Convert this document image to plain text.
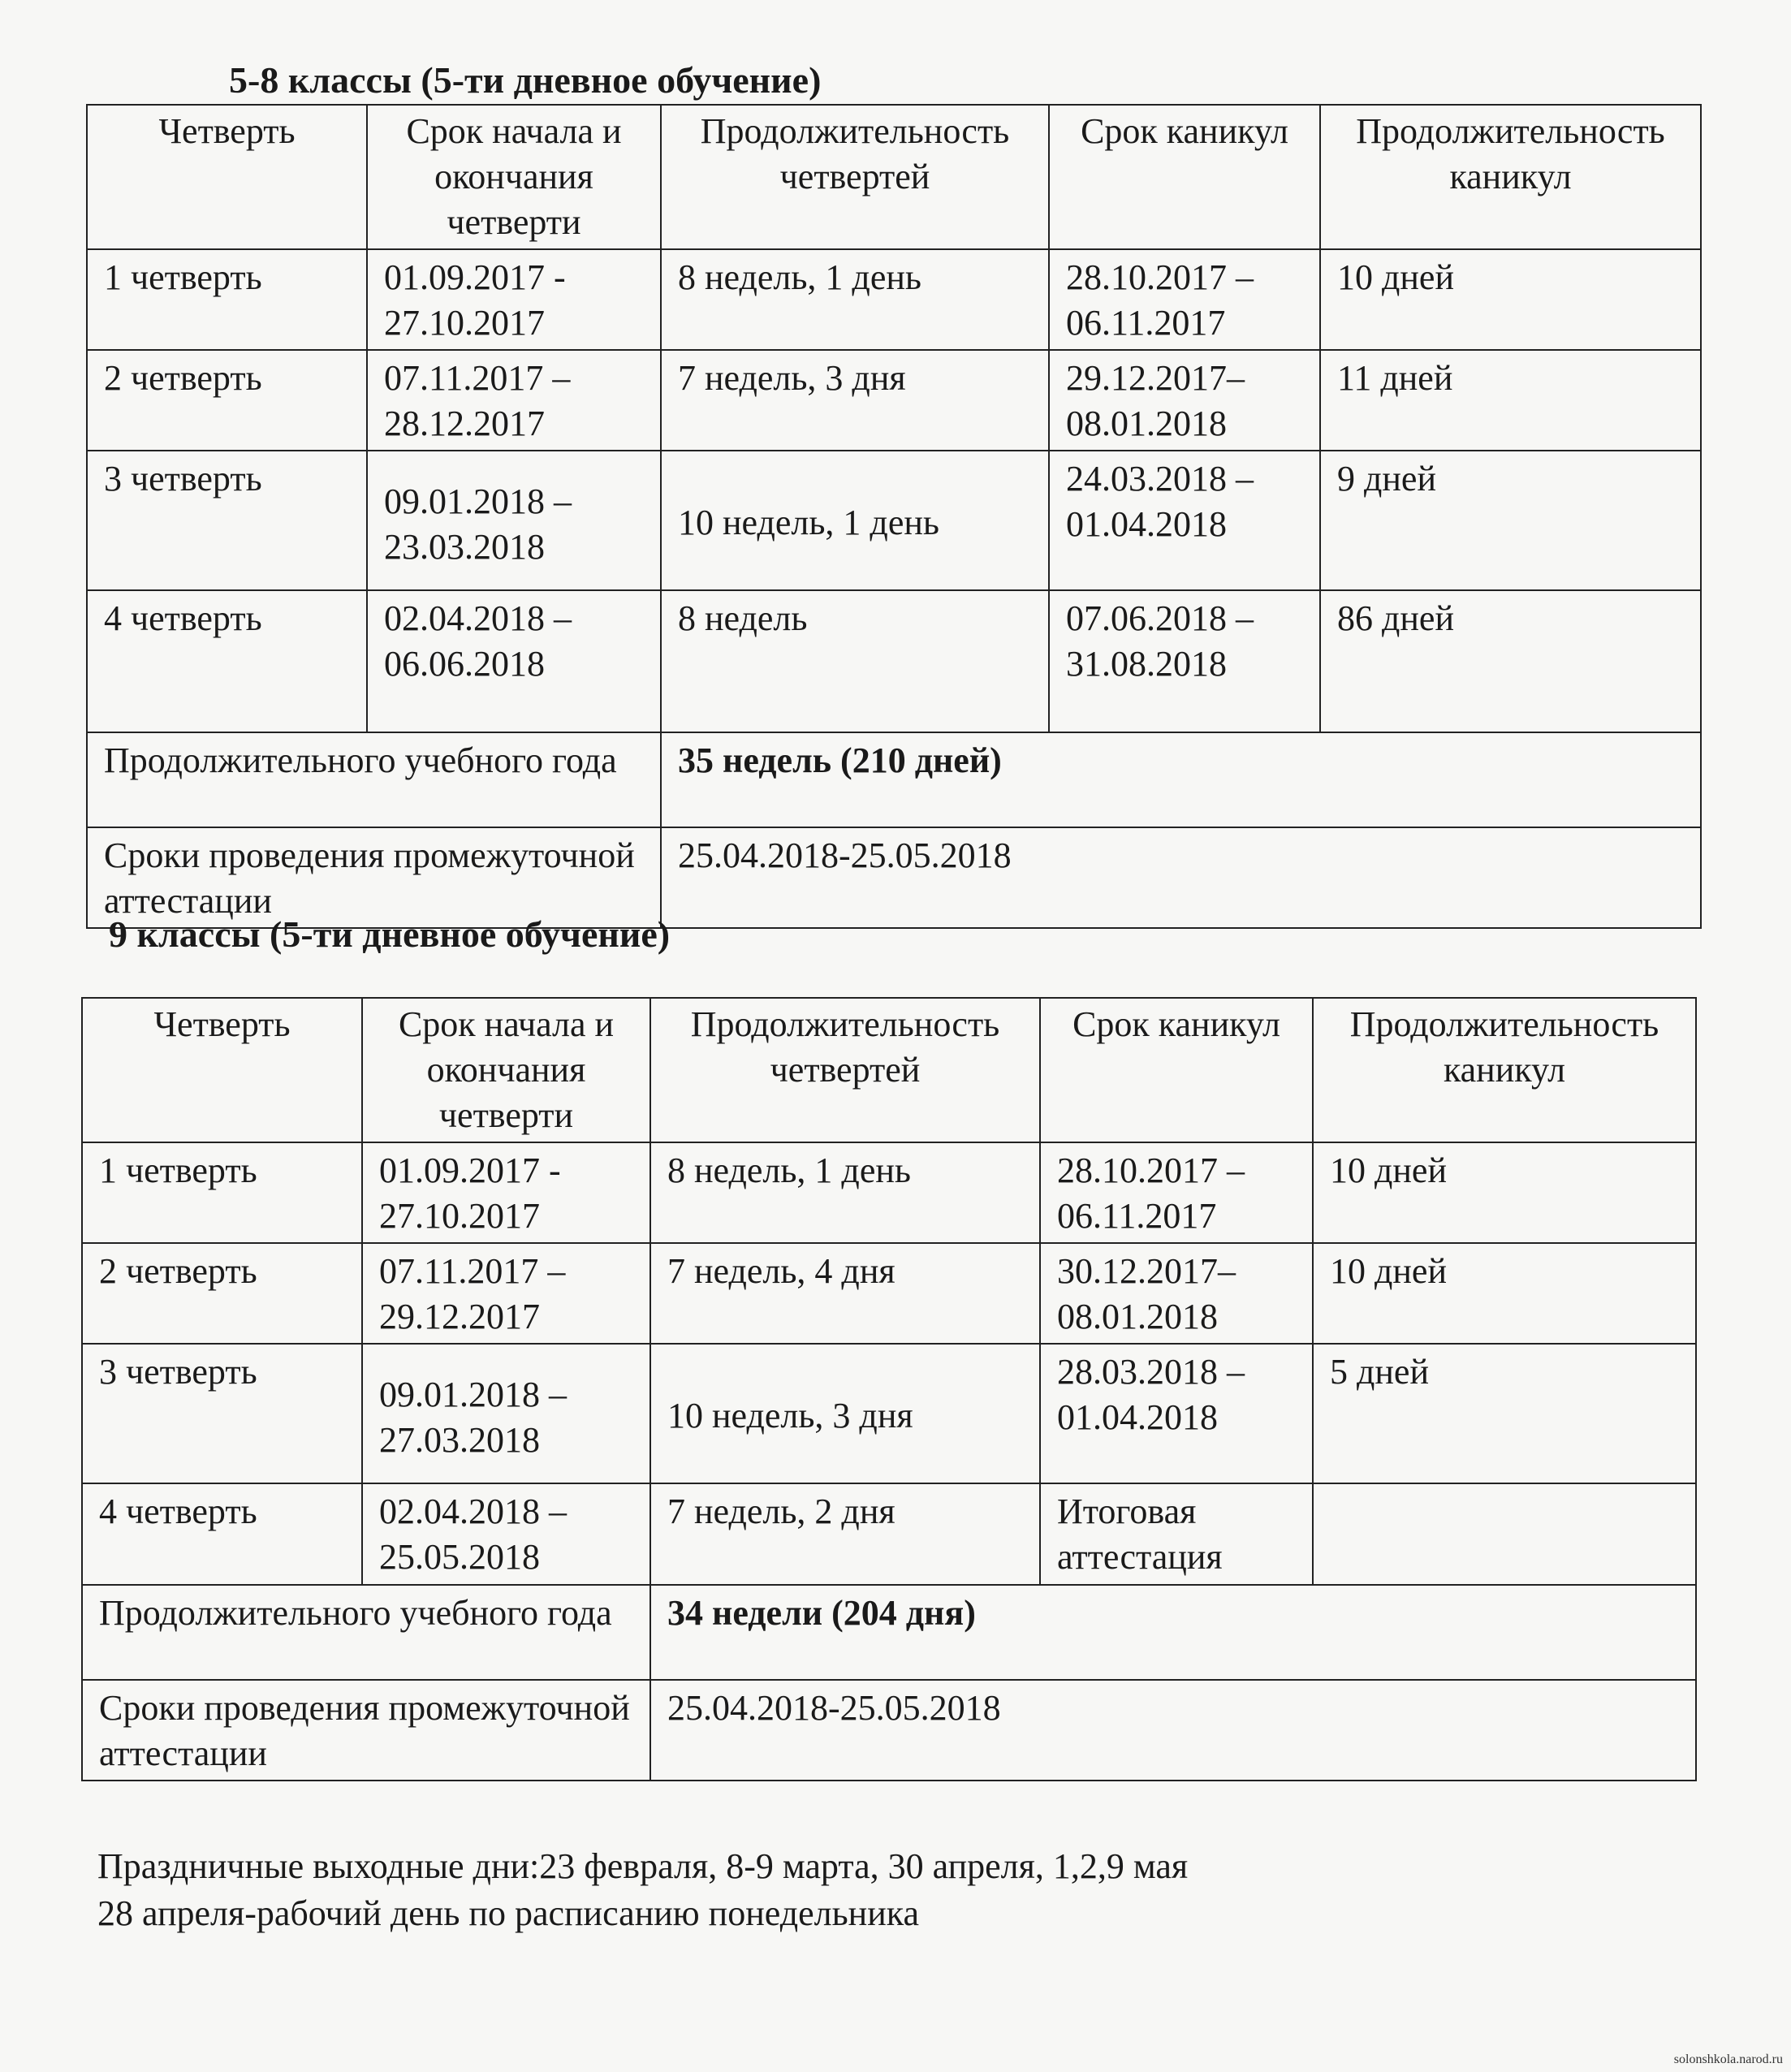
5-8 классы (5-ти дневное обучение)
Четверть	Срок начала и окончания четверти	Продолжительность четвертей	Срок каникул	Продолжительность каникул
1 четверть	01.09.2017 - 27.10.2017	8 недель, 1 день	28.10.2017 – 06.11.2017	10 дней
2 четверть	07.11.2017 – 28.12.2017	7 недель, 3 дня	29.12.2017– 08.01.2018	11 дней
3 четверть	09.01.2018 – 23.03.2018	10 недель, 1 день	24.03.2018 – 01.04.2018	9 дней
4 четверть	02.04.2018 – 06.06.2018	8 недель	07.06.2018 – 31.08.2018	86 дней
Продолжительного учебного года		35 недель (210 дней)		
Сроки проведения промежуточной аттестации		25.04.2018-25.05.2018		
9 классы (5-ти дневное обучение)
Четверть	Срок начала и окончания четверти	Продолжительность четвертей	Срок каникул	Продолжительность каникул
1 четверть	01.09.2017 - 27.10.2017	8 недель, 1 день	28.10.2017 – 06.11.2017	10 дней
2 четверть	07.11.2017 – 29.12.2017	7 недель, 4 дня	30.12.2017– 08.01.2018	10 дней
3 четверть	09.01.2018 – 27.03.2018	10 недель, 3 дня	28.03.2018 – 01.04.2018	5 дней
4 четверть	02.04.2018 – 25.05.2018	7 недель, 2 дня	Итоговая аттестация	
Продолжительного учебного года		34 недели (204 дня)		
Сроки проведения промежуточной аттестации		25.04.2018-25.05.2018		
Праздничные выходные дни:23 февраля, 8-9 марта, 30 апреля, 1,2,9 мая
28 апреля-рабочий день по расписанию понедельника
solonshkola.narod.ru
